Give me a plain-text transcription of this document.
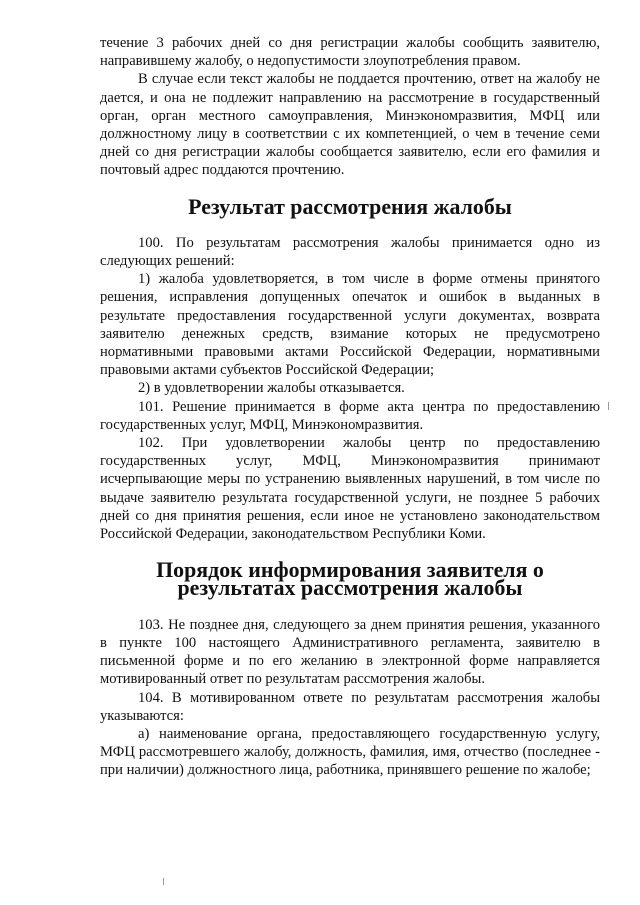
течение 3 рабочих дней со дня регистрации жалобы сообщить заявителю, направившему жалобу, о недопустимости злоупотребления правом.

В случае если текст жалобы не поддается прочтению, ответ на жалобу не дается, и она не подлежит направлению на рассмотрение в государственный орган, орган местного самоуправления, Минэкономразвития, МФЦ или должностному лицу в соответствии с их компетенцией, о чем в течение семи дней со дня регистрации жалобы сообщается заявителю, если его фамилия и почтовый адрес поддаются прочтению.

Результат рассмотрения жалобы

100. По результатам рассмотрения жалобы принимается одно из следующих решений:

1) жалоба удовлетворяется, в том числе в форме отмены принятого решения, исправления допущенных опечаток и ошибок в выданных в результате предоставления государственной услуги документах, возврата заявителю денежных средств, взимание которых не предусмотрено нормативными правовыми актами Российской Федерации, нормативными правовыми актами субъектов Российской Федерации;

2) в удовлетворении жалобы отказывается.

101. Решение принимается в форме акта центра по предоставлению государственных услуг, МФЦ, Минэкономразвития.

102. При удовлетворении жалобы центр по предоставлению государственных услуг, МФЦ, Минэкономразвития принимают исчерпывающие меры по устранению выявленных нарушений, в том числе по выдаче заявителю результата государственной услуги, не позднее 5 рабочих дней со дня принятия решения, если иное не установлено законодательством Российской Федерации, законодательством Республики Коми.

Порядок информирования заявителя о результатах рассмотрения жалобы

103. Не позднее дня, следующего за днем принятия решения, указанного в пункте 100 настоящего Административного регламента, заявителю в письменной форме и по его желанию в электронной форме направляется мотивированный ответ по результатам рассмотрения жалобы.

104. В мотивированном ответе по результатам рассмотрения жалобы указываются:

а) наименование органа, предоставляющего государственную услугу, МФЦ рассмотревшего жалобу, должность, фамилия, имя, отчество (последнее - при наличии) должностного лица, работника, принявшего решение по жалобе;
